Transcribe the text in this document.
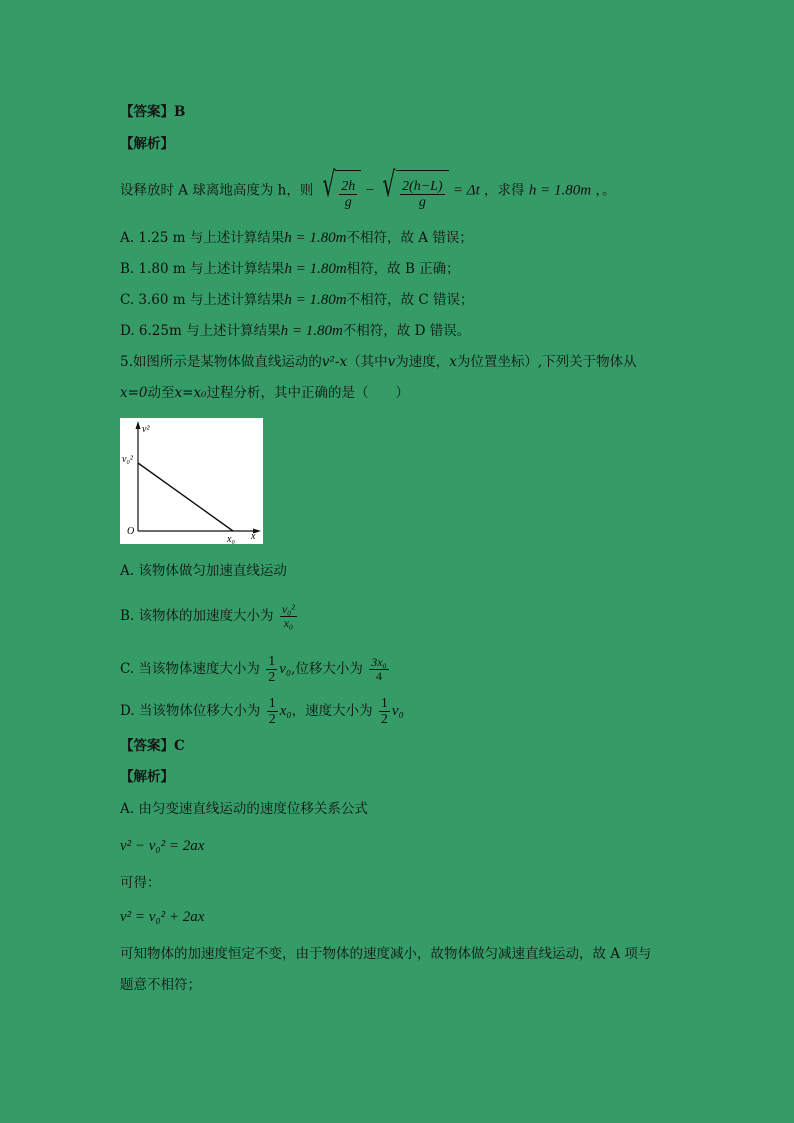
【答案】B
【解析】
设释放时 A 球离地高度为 h，则 √ $\frac{2h}{g}$ − √ $\frac{2(h-L)}{g} = \Delta t$ ，求得 h = 1.80m ，。
A. 1.25 m 与上述计算结果h = 1.80m不相符，故 A 错误；
B. 1.80 m 与上述计算结果h = 1.80m相符，故 B 正确；
C. 3.60 m 与上述计算结果h = 1.80m不相符，故 C 错误；
D. 6.25m 与上述计算结果h = 1.80m不相符，故 D 错误。
5.如图所示是某物体做直线运动的v²-x（其中v为速度，x为位置坐标）,下列关于物体从
x=0动至x=x₀过程分析，其中正确的是（　　）
v²
v₀²
O
x₀ x
A. 该物体做匀加速直线运动
B. 该物体的加速度大小为 $\frac{\text{v₀²}}{\text{x₀}}$
C. 当该物体速度大小为 $\frac{1}{2} v_0$,位移大小为 $\frac{\text{3x₀}}{4}$
D. 当该物体位移大小为 $\frac{1}{2} x_0$，速度大小为 $\frac{1}{2} v_0$
【答案】C
【解析】
A. 由匀变速直线运动的速度位移关系公式
v² − v₀² = 2ax
可得：
v² = v₀² + 2ax
可知物体的加速度恒定不变，由于物体的速度减小，故物体做匀减速直线运动，故 A 项与
题意不相符；
